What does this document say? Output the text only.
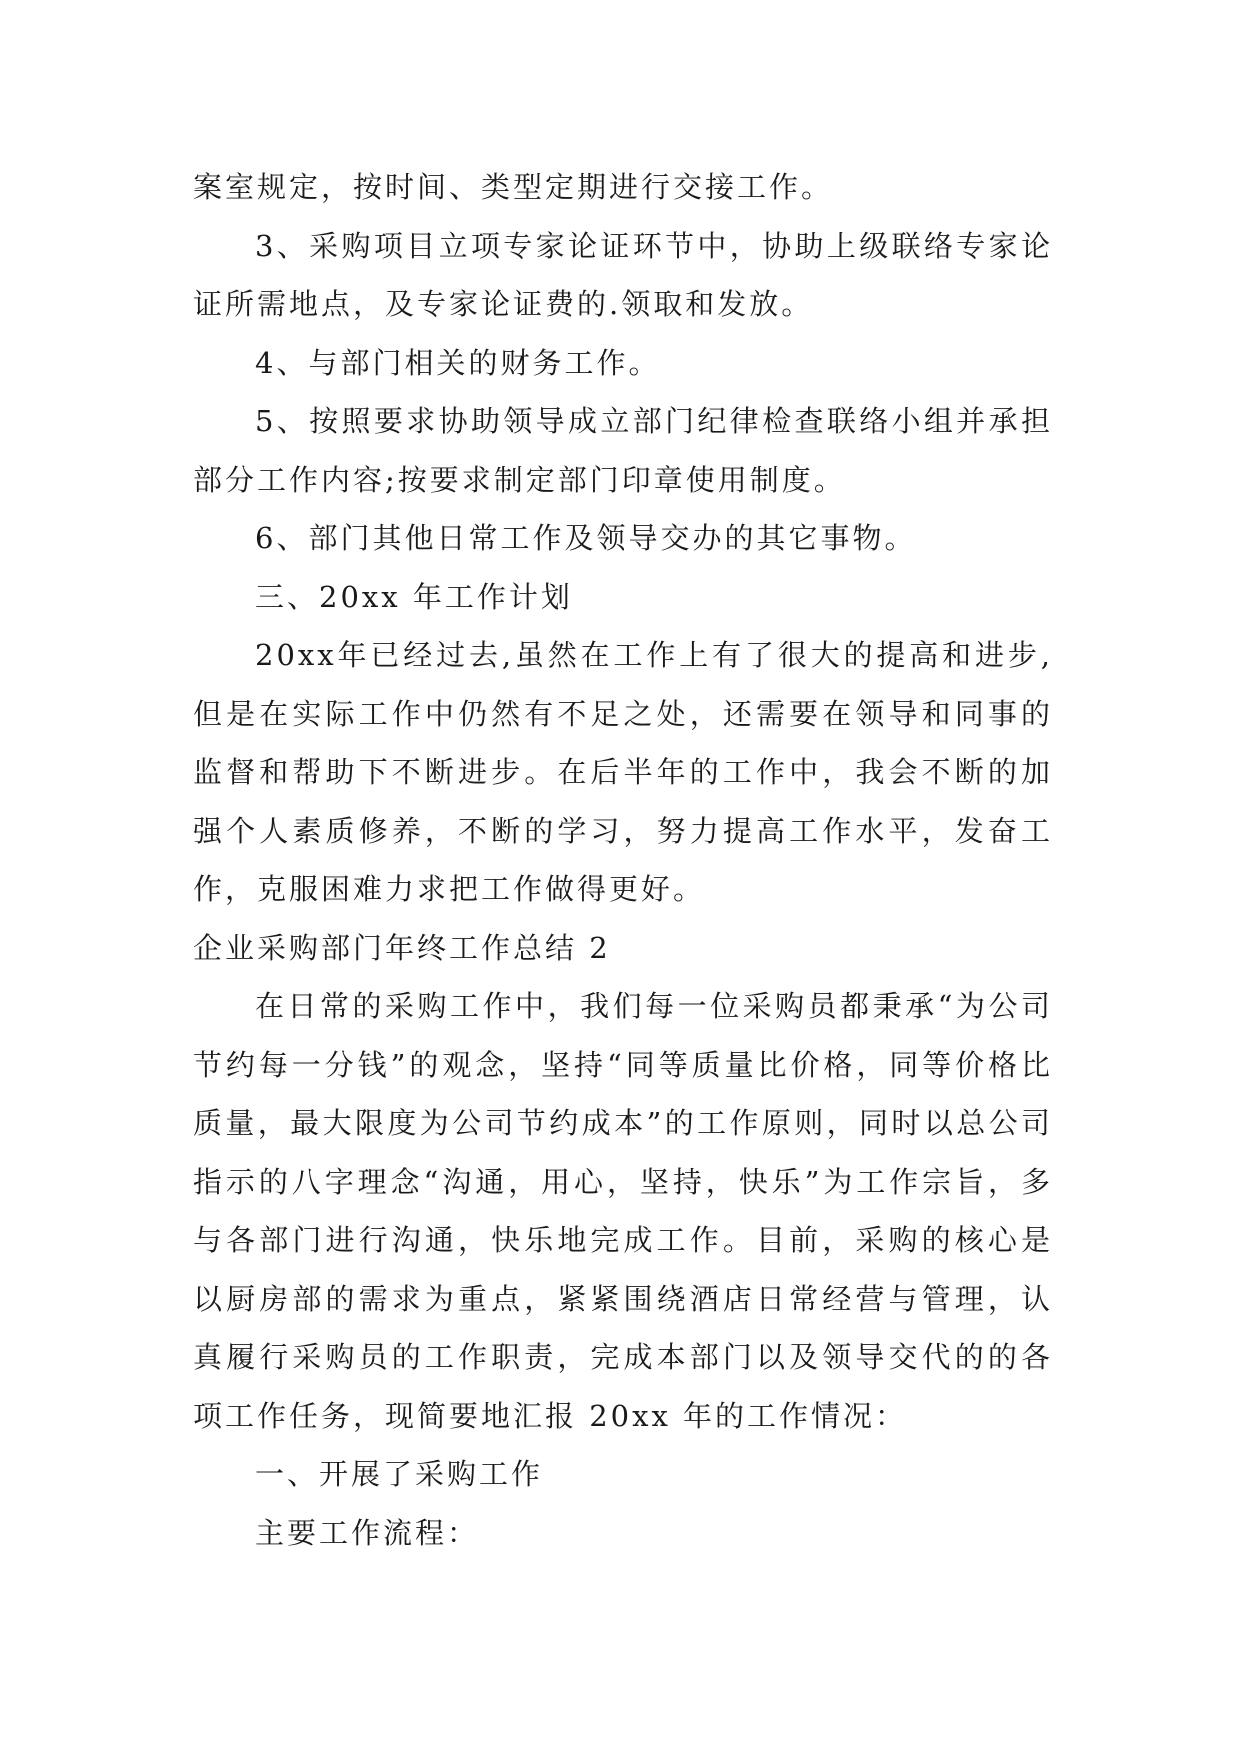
案室规定，按时间、类型定期进行交接工作。

3、采购项目立项专家论证环节中，协助上级联络专家论证所需地点，及专家论证费的.领取和发放。

4、与部门相关的财务工作。

5、按照要求协助领导成立部门纪律检查联络小组并承担部分工作内容;按要求制定部门印章使用制度。

6、部门其他日常工作及领导交办的其它事物。

三、20xx 年工作计划

20xx年已经过去,虽然在工作上有了很大的提高和进步,但是在实际工作中仍然有不足之处，还需要在领导和同事的监督和帮助下不断进步。在后半年的工作中，我会不断的加强个人素质修养，不断的学习，努力提高工作水平，发奋工作，克服困难力求把工作做得更好。

企业采购部门年终工作总结 2

在日常的采购工作中，我们每一位采购员都秉承“为公司节约每一分钱”的观念，坚持“同等质量比价格，同等价格比质量，最大限度为公司节约成本”的工作原则，同时以总公司指示的八字理念“沟通，用心，坚持，快乐”为工作宗旨，多与各部门进行沟通，快乐地完成工作。目前，采购的核心是以厨房部的需求为重点，紧紧围绕酒店日常经营与管理，认真履行采购员的工作职责，完成本部门以及领导交代的的各项工作任务，现简要地汇报 20xx 年的工作情况：

一、开展了采购工作

主要工作流程：
